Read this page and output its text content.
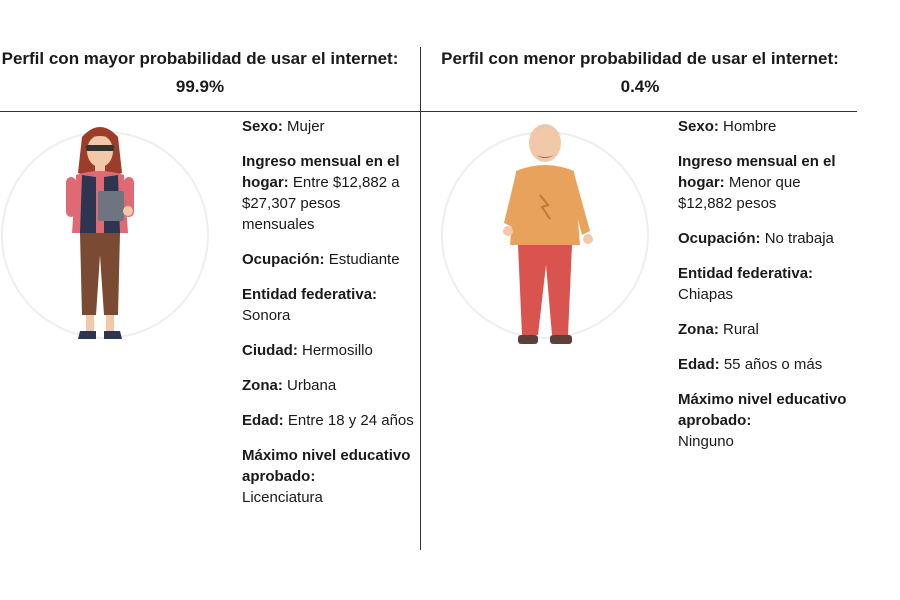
Perfil con mayor probabilidad de usar el internet: 99.9%
Perfil con menor probabilidad de usar el internet: 0.4%
Sexo: Mujer
Ingreso mensual en el hogar: Entre $12,882 a $27,307 pesos mensuales
Ocupación: Estudiante
Entidad federativa:
Sonora
Ciudad: Hermosillo
Zona: Urbana
Edad: Entre 18 y 24 años
Máximo nivel educativo aprobado:
Licenciatura
Sexo: Hombre
Ingreso mensual en el hogar: Menor que $12,882 pesos
Ocupación: No trabaja
Entidad federativa:
Chiapas
Zona: Rural
Edad: 55 años o más
Máximo nivel educativo aprobado:
Ninguno
